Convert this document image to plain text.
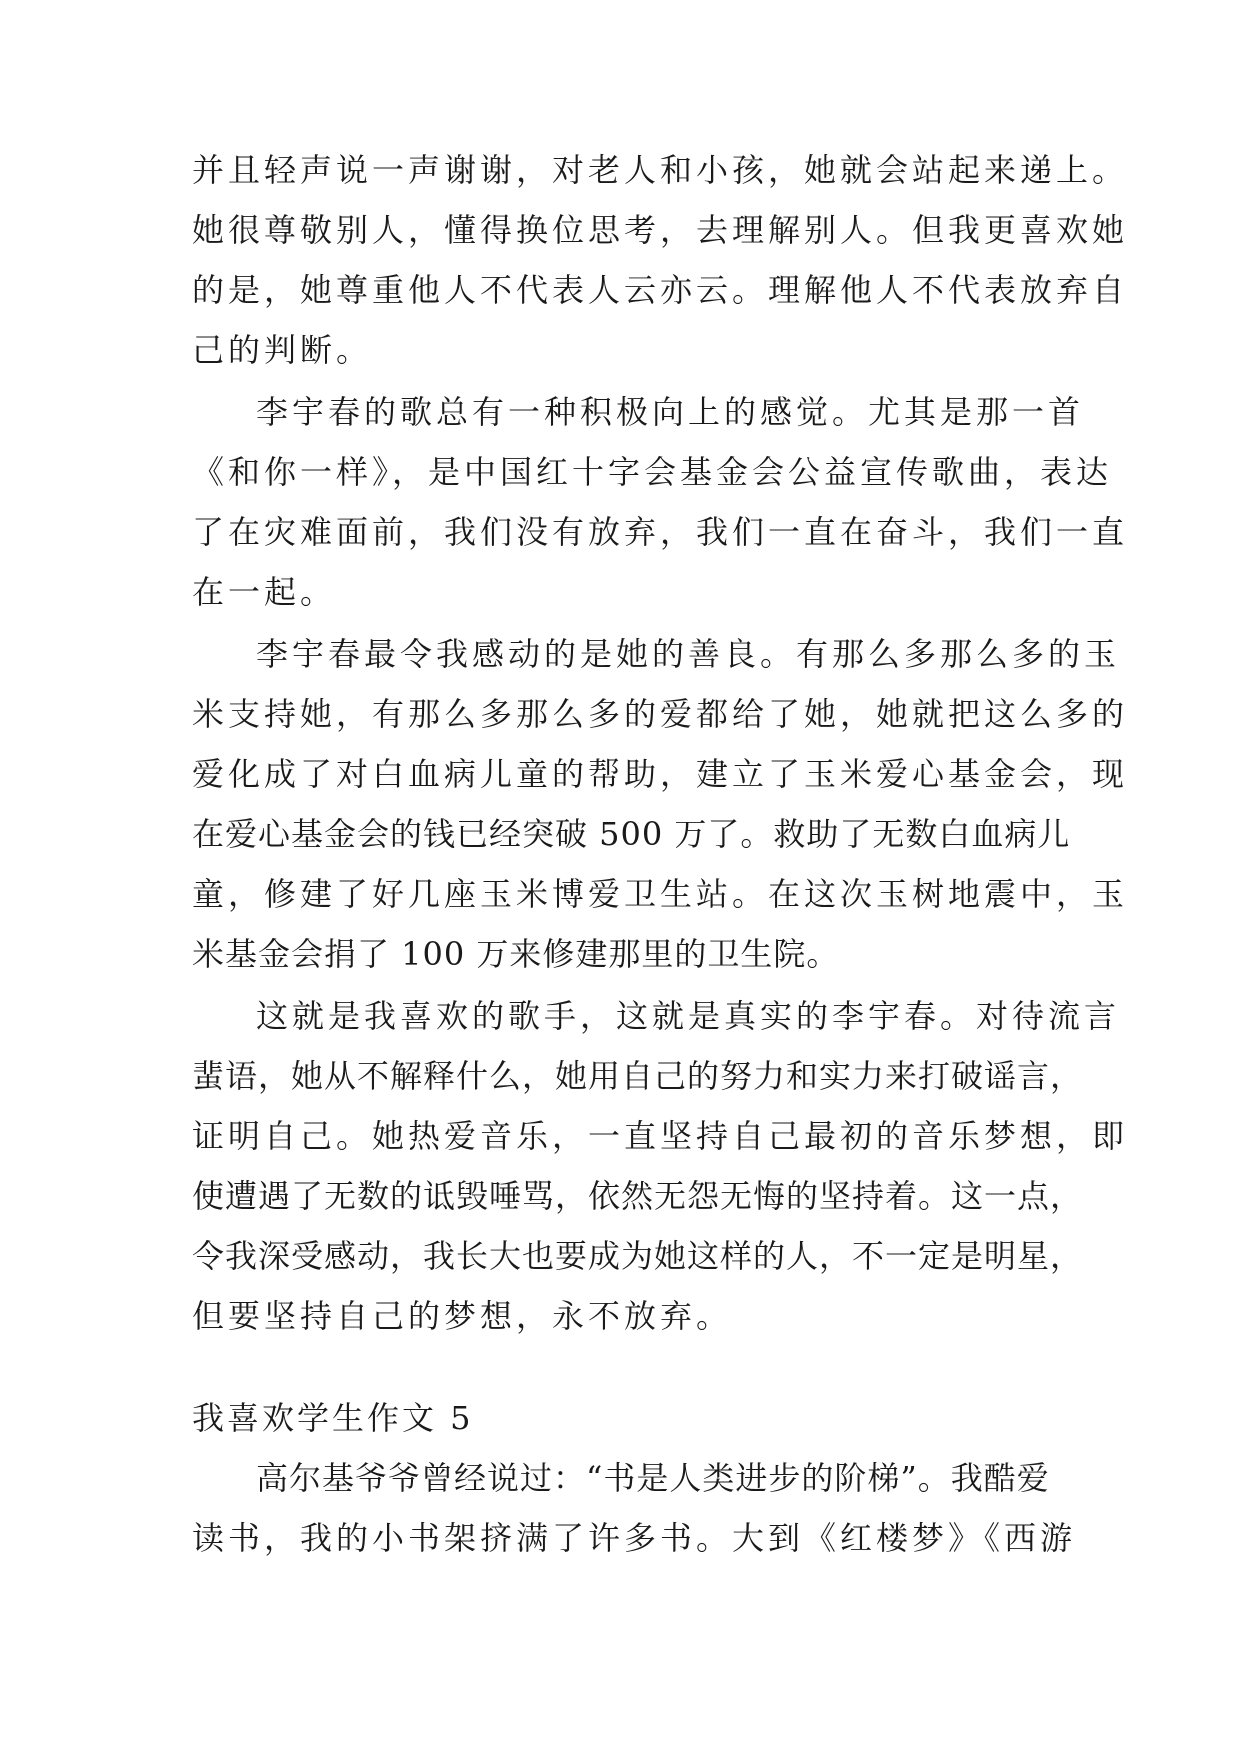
并且轻声说一声谢谢，对老人和小孩，她就会站起来递上。
她很尊敬别人，懂得换位思考，去理解别人。但我更喜欢她
的是，她尊重他人不代表人云亦云。理解他人不代表放弃自
己的判断。
李宇春的歌总有一种积极向上的感觉。尤其是那一首
《和你一样》，是中国红十字会基金会公益宣传歌曲，表达
了在灾难面前，我们没有放弃，我们一直在奋斗，我们一直
在一起。
李宇春最令我感动的是她的善良。有那么多那么多的玉
米支持她，有那么多那么多的爱都给了她，她就把这么多的
爱化成了对白血病儿童的帮助，建立了玉米爱心基金会，现
在爱心基金会的钱已经突破 500 万了。救助了无数白血病儿
童，修建了好几座玉米博爱卫生站。在这次玉树地震中，玉
米基金会捐了 100 万来修建那里的卫生院。
这就是我喜欢的歌手，这就是真实的李宇春。对待流言
蜚语，她从不解释什么，她用自己的努力和实力来打破谣言，
证明自己。她热爱音乐，一直坚持自己最初的音乐梦想，即
使遭遇了无数的诋毁唾骂，依然无怨无悔的坚持着。这一点，
令我深受感动，我长大也要成为她这样的人，不一定是明星，
但要坚持自己的梦想，永不放弃。
我喜欢学生作文 5
高尔基爷爷曾经说过：“书是人类进步的阶梯”。我酷爱
读书，我的小书架挤满了许多书。大到《红楼梦》《西游
